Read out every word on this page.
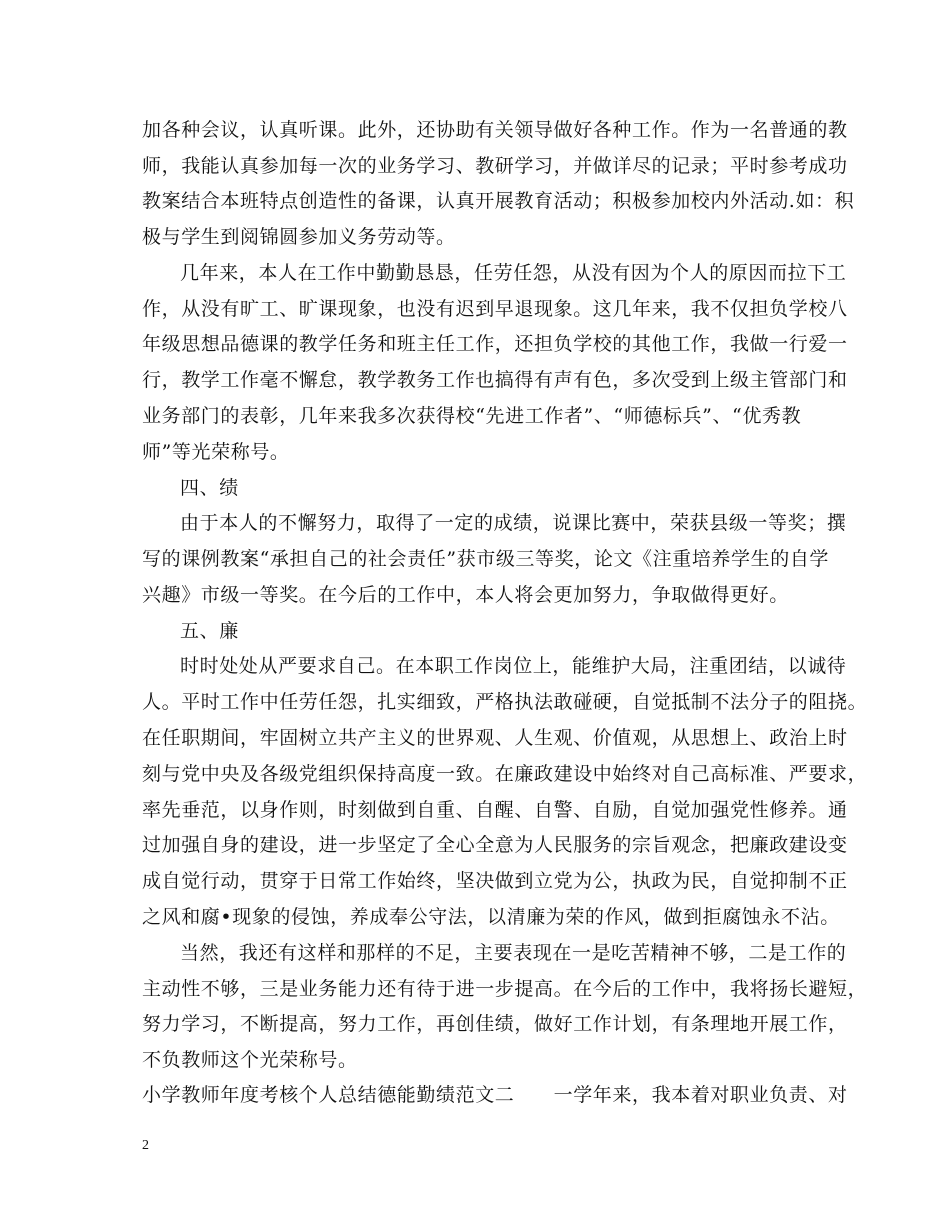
加各种会议，认真听课。此外，还协助有关领导做好各种工作。作为一名普通的教
师，我能认真参加每一次的业务学习、教研学习，并做详尽的记录；平时参考成功
教案结合本班特点创造性的备课，认真开展教育活动；积极参加校内外活动.如：积
极与学生到阅锦圆参加义务劳动等。
几年来，本人在工作中勤勤恳恳，任劳任怨，从没有因为个人的原因而拉下工
作，从没有旷工、旷课现象，也没有迟到早退现象。这几年来，我不仅担负学校八
年级思想品德课的教学任务和班主任工作，还担负学校的其他工作，我做一行爱一
行，教学工作毫不懈怠，教学教务工作也搞得有声有色，多次受到上级主管部门和
业务部门的表彰，几年来我多次获得校“先进工作者”、“师德标兵”、“优秀教
师”等光荣称号。
四、绩
由于本人的不懈努力，取得了一定的成绩，说课比赛中，荣获县级一等奖；撰
写的课例教案“承担自己的社会责任”获市级三等奖，论文《注重培养学生的自学
兴趣》市级一等奖。在今后的工作中，本人将会更加努力，争取做得更好。
五、廉
时时处处从严要求自己。在本职工作岗位上，能维护大局，注重团结，以诚待
人。平时工作中任劳任怨，扎实细致，严格执法敢碰硬，自觉抵制不法分子的阻挠。
在任职期间，牢固树立共产主义的世界观、人生观、价值观，从思想上、政治上时
刻与党中央及各级党组织保持高度一致。在廉政建设中始终对自己高标准、严要求，
率先垂范，以身作则，时刻做到自重、自醒、自警、自励，自觉加强党性修养。通
过加强自身的建设，进一步坚定了全心全意为人民服务的宗旨观念，把廉政建设变
成自觉行动，贯穿于日常工作始终，坚决做到立党为公，执政为民，自觉抑制不正
之风和腐•现象的侵蚀，养成奉公守法，以清廉为荣的作风，做到拒腐蚀永不沾。
当然，我还有这样和那样的不足，主要表现在一是吃苦精神不够，二是工作的
主动性不够，三是业务能力还有待于进一步提高。在今后的工作中，我将扬长避短，
努力学习，不断提高，努力工作，再创佳绩，做好工作计划，有条理地开展工作，
不负教师这个光荣称号。
小学教师年度考核个人总结德能勤绩范文二　　一学年来，我本着对职业负责、对
2
